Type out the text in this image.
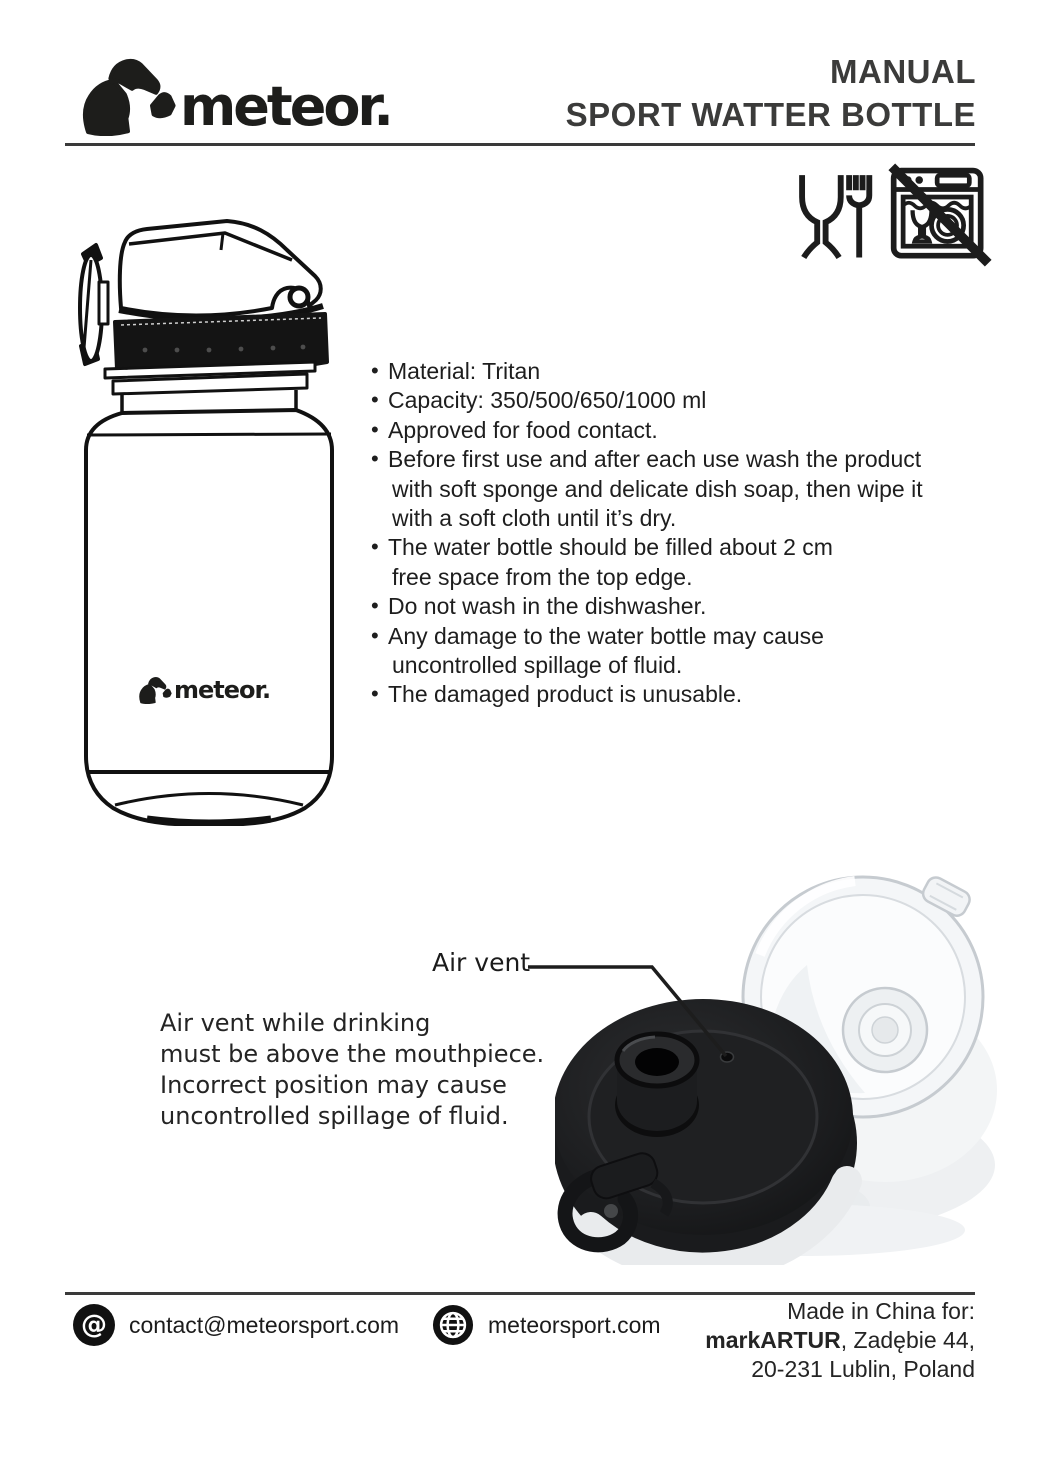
meteor.
MANUAL
SPORT WATTER BOTTLE
meteor.
• Material: Tritan
• Capacity: 350/500/650/1000 ml
• Approved for food contact.
• Before first use and after each use wash the product
with soft sponge and delicate dish soap, then wipe it
with a soft cloth until it’s dry.
• The water bottle should be filled about 2 cm
free space from the top edge.
• Do not wash in the dishwasher.
• Any damage to the water bottle may cause
uncontrolled spillage of fluid.
• The damaged product is unusable.
Air vent
Air vent while drinking
must be above the mouthpiece.
Incorrect position may cause
uncontrolled spillage of fluid.
@ contact@meteorsport.com	meteorsport.com
Made in China for:
markARTUR, Zadębie 44,
20-231 Lublin, Poland
